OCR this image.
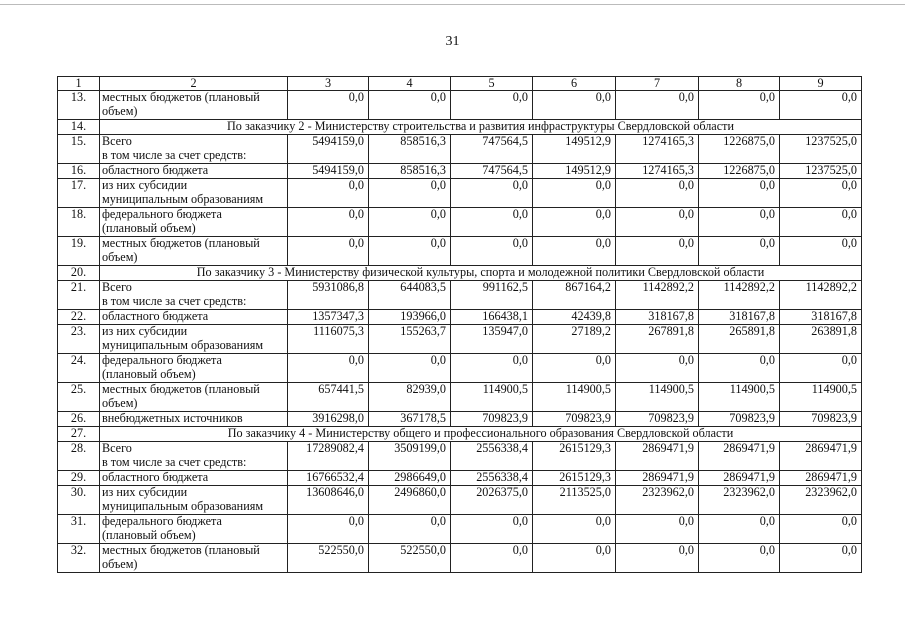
31
1	2	3	4	5	6	7	8	9
13.	местных бюджетов (плановый
объем)	0,0	0,0	0,0	0,0	0,0	0,0	0,0
14.	По заказчику 2 - Министерству строительства и развития инфраструктуры Свердловской области							
15.	Всего
в том числе за счет средств:	5494159,0	858516,3	747564,5	149512,9	1274165,3	1226875,0	1237525,0
16.	областного бюджета	5494159,0	858516,3	747564,5	149512,9	1274165,3	1226875,0	1237525,0
17.	из них субсидии
муниципальным образованиям	0,0	0,0	0,0	0,0	0,0	0,0	0,0
18.	федерального бюджета
(плановый объем)	0,0	0,0	0,0	0,0	0,0	0,0	0,0
19.	местных бюджетов (плановый
объем)	0,0	0,0	0,0	0,0	0,0	0,0	0,0
20.	По заказчику 3 - Министерству физической культуры, спорта и молодежной политики Свердловской области							
21.	Всего
в том числе за счет средств:	5931086,8	644083,5	991162,5	867164,2	1142892,2	1142892,2	1142892,2
22.	областного бюджета	1357347,3	193966,0	166438,1	42439,8	318167,8	318167,8	318167,8
23.	из них субсидии
муниципальным образованиям	1116075,3	155263,7	135947,0	27189,2	267891,8	265891,8	263891,8
24.	федерального бюджета
(плановый объем)	0,0	0,0	0,0	0,0	0,0	0,0	0,0
25.	местных бюджетов (плановый
объем)	657441,5	82939,0	114900,5	114900,5	114900,5	114900,5	114900,5
26.	внебюджетных источников	3916298,0	367178,5	709823,9	709823,9	709823,9	709823,9	709823,9
27.	По заказчику 4 - Министерству общего и профессионального образования Свердловской области							
28.	Всего
в том числе за счет средств:	17289082,4	3509199,0	2556338,4	2615129,3	2869471,9	2869471,9	2869471,9
29.	областного бюджета	16766532,4	2986649,0	2556338,4	2615129,3	2869471,9	2869471,9	2869471,9
30.	из них субсидии
муниципальным образованиям	13608646,0	2496860,0	2026375,0	2113525,0	2323962,0	2323962,0	2323962,0
31.	федерального бюджета
(плановый объем)	0,0	0,0	0,0	0,0	0,0	0,0	0,0
32.	местных бюджетов (плановый
объем)	522550,0	522550,0	0,0	0,0	0,0	0,0	0,0
